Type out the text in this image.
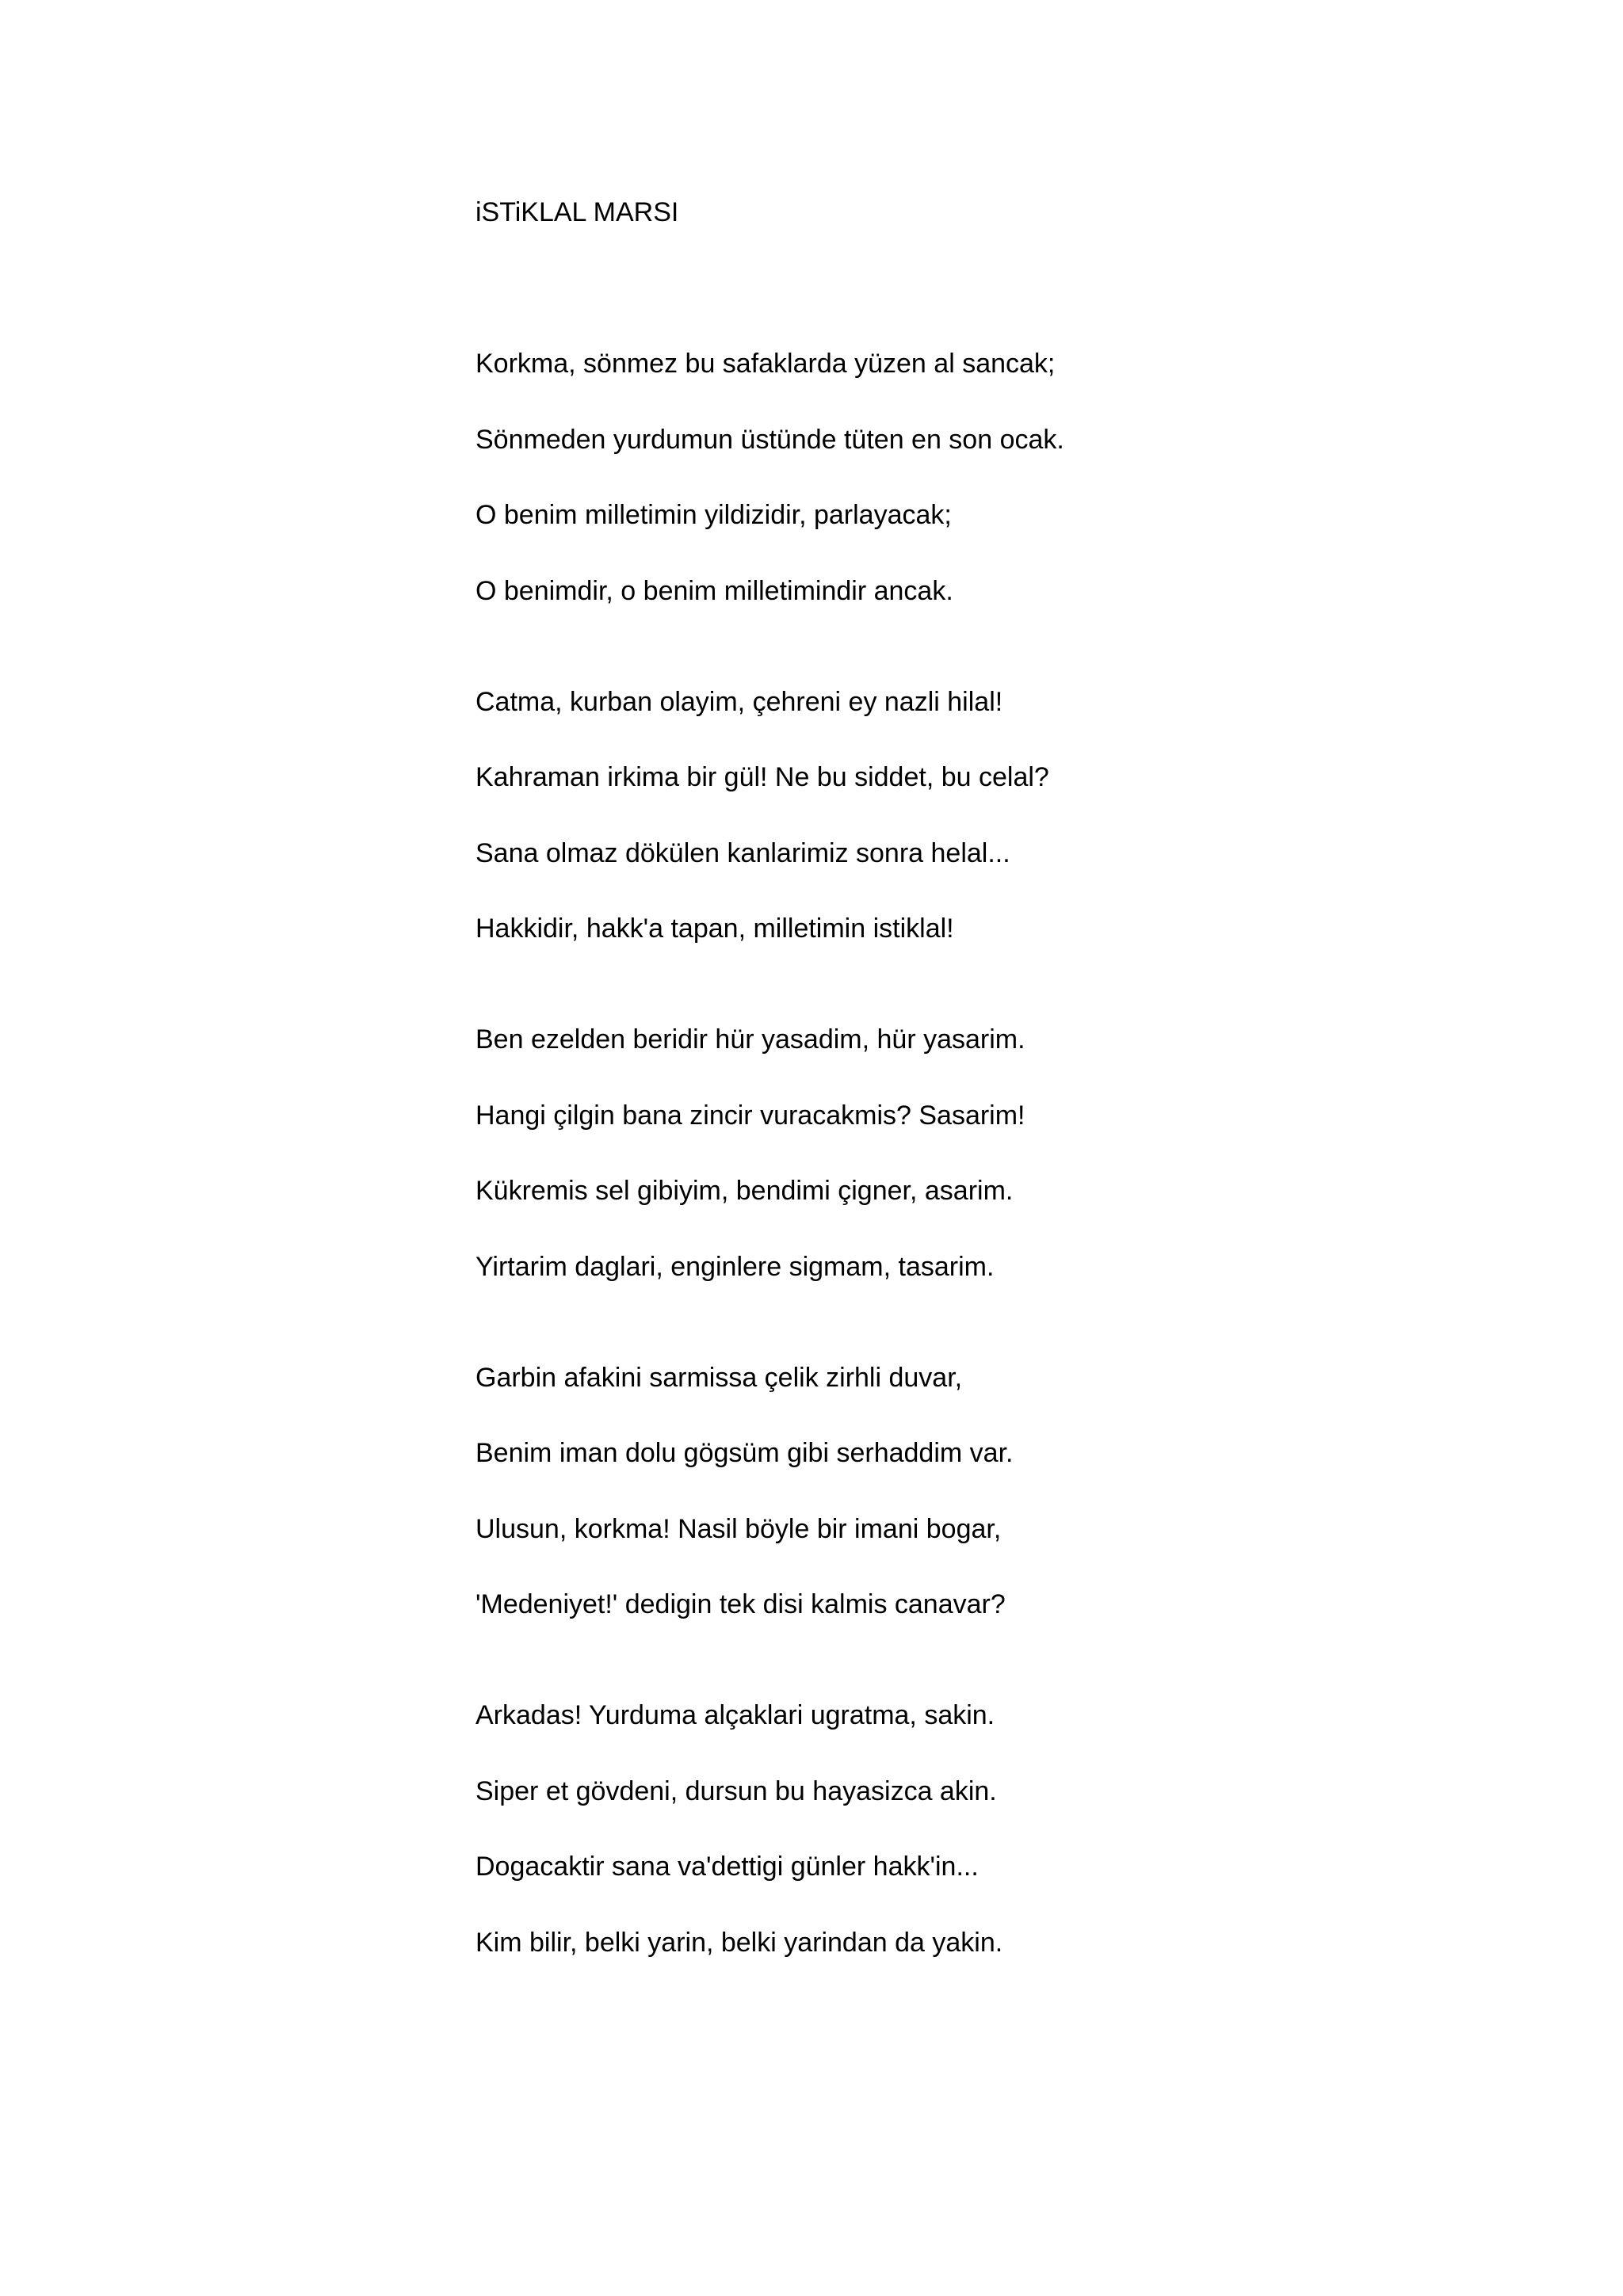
iSTiKLAL MARSI

Korkma, sönmez bu safaklarda yüzen al sancak;

Sönmeden yurdumun üstünde tüten en son ocak.

O benim milletimin yildizidir, parlayacak;

O benimdir, o benim milletimindir ancak.

Catma, kurban olayim, çehreni ey nazli hilal!

Kahraman irkima bir gül! Ne bu siddet, bu celal?

Sana olmaz dökülen kanlarimiz sonra helal...

Hakkidir, hakk'a tapan, milletimin istiklal!

Ben ezelden beridir hür yasadim, hür yasarim.

Hangi çilgin bana zincir vuracakmis? Sasarim!

Kükremis sel gibiyim, bendimi çigner, asarim.

Yirtarim daglari, enginlere sigmam, tasarim.

Garbin afakini sarmissa çelik zirhli duvar,

Benim iman dolu gögsüm gibi serhaddim var.

Ulusun, korkma! Nasil böyle bir imani bogar,

'Medeniyet!' dedigin tek disi kalmis canavar?

Arkadas! Yurduma alçaklari ugratma, sakin.

Siper et gövdeni, dursun bu hayasizca akin.

Dogacaktir sana va'dettigi günler hakk'in...

Kim bilir, belki yarin, belki yarindan da yakin.
